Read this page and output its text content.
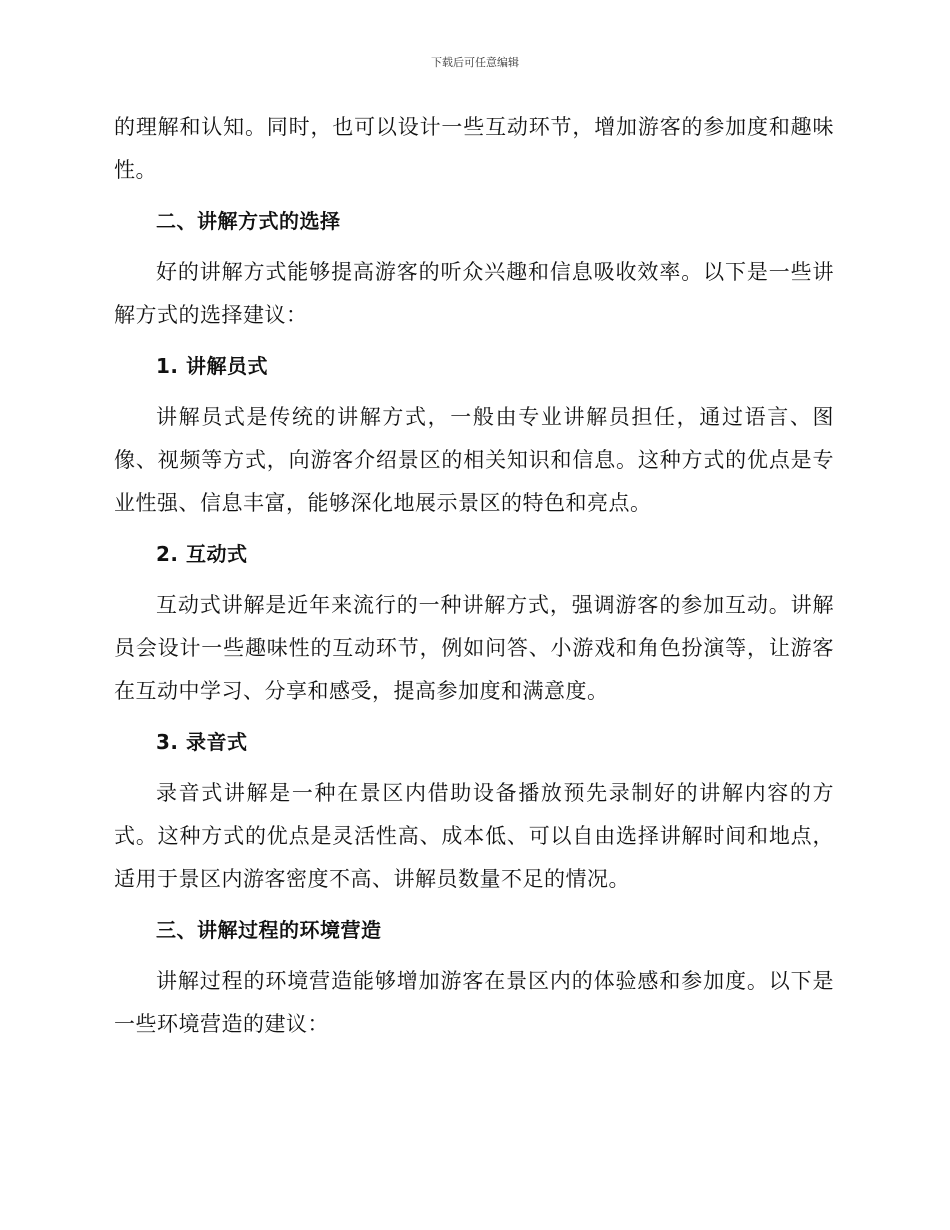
下载后可任意编辑

的理解和认知。同时，也可以设计一些互动环节，增加游客的参加度和趣味性。

二、讲解方式的选择

好的讲解方式能够提高游客的听众兴趣和信息吸收效率。以下是一些讲解方式的选择建议：

1. 讲解员式

讲解员式是传统的讲解方式，一般由专业讲解员担任，通过语言、图像、视频等方式，向游客介绍景区的相关知识和信息。这种方式的优点是专业性强、信息丰富，能够深化地展示景区的特色和亮点。

2. 互动式

互动式讲解是近年来流行的一种讲解方式，强调游客的参加互动。讲解员会设计一些趣味性的互动环节，例如问答、小游戏和角色扮演等，让游客在互动中学习、分享和感受，提高参加度和满意度。

3. 录音式

录音式讲解是一种在景区内借助设备播放预先录制好的讲解内容的方式。这种方式的优点是灵活性高、成本低、可以自由选择讲解时间和地点，适用于景区内游客密度不高、讲解员数量不足的情况。

三、讲解过程的环境营造

讲解过程的环境营造能够增加游客在景区内的体验感和参加度。以下是一些环境营造的建议：
